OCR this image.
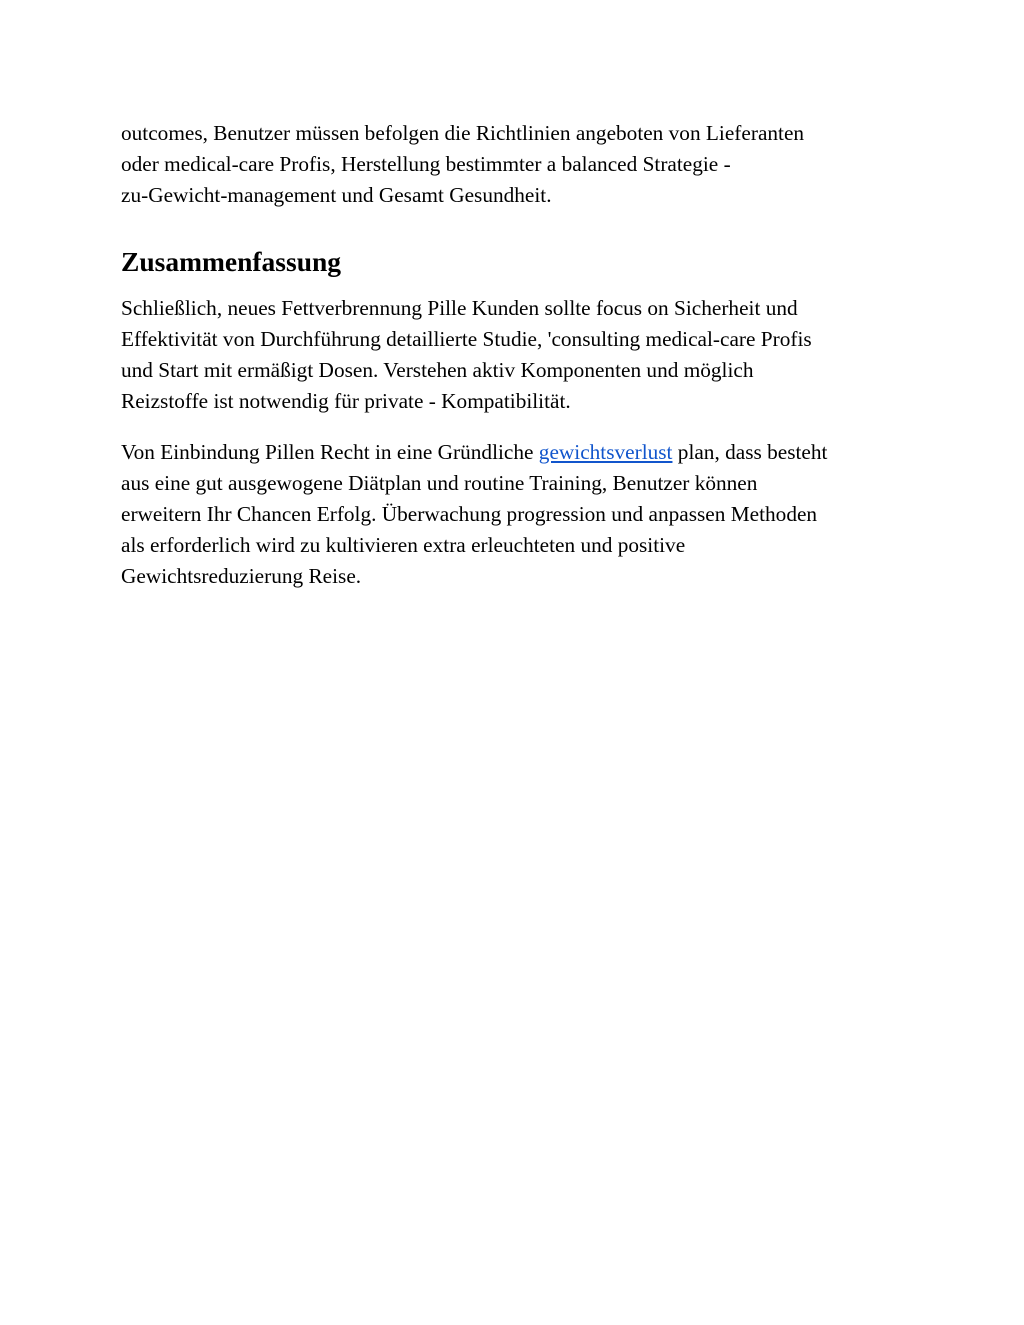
outcomes, Benutzer müssen befolgen die Richtlinien angeboten von Lieferanten
oder medical-care Profis, Herstellung bestimmter a balanced Strategie -
zu-Gewicht-management und Gesamt Gesundheit.

Zusammenfassung

Schließlich, neues Fettverbrennung Pille Kunden sollte focus on Sicherheit und
Effektivität von Durchführung detaillierte Studie, 'consulting medical-care Profis
und Start mit ermäßigt Dosen. Verstehen aktiv Komponenten und möglich
Reizstoffe ist notwendig für private - Kompatibilität.

Von Einbindung Pillen Recht in eine Gründliche gewichtsverlust plan, dass besteht
aus eine gut ausgewogene Diätplan und routine Training, Benutzer können
erweitern Ihr Chancen Erfolg. Überwachung progression und anpassen Methoden
als erforderlich wird zu kultivieren extra erleuchteten und positive
Gewichtsreduzierung Reise.
